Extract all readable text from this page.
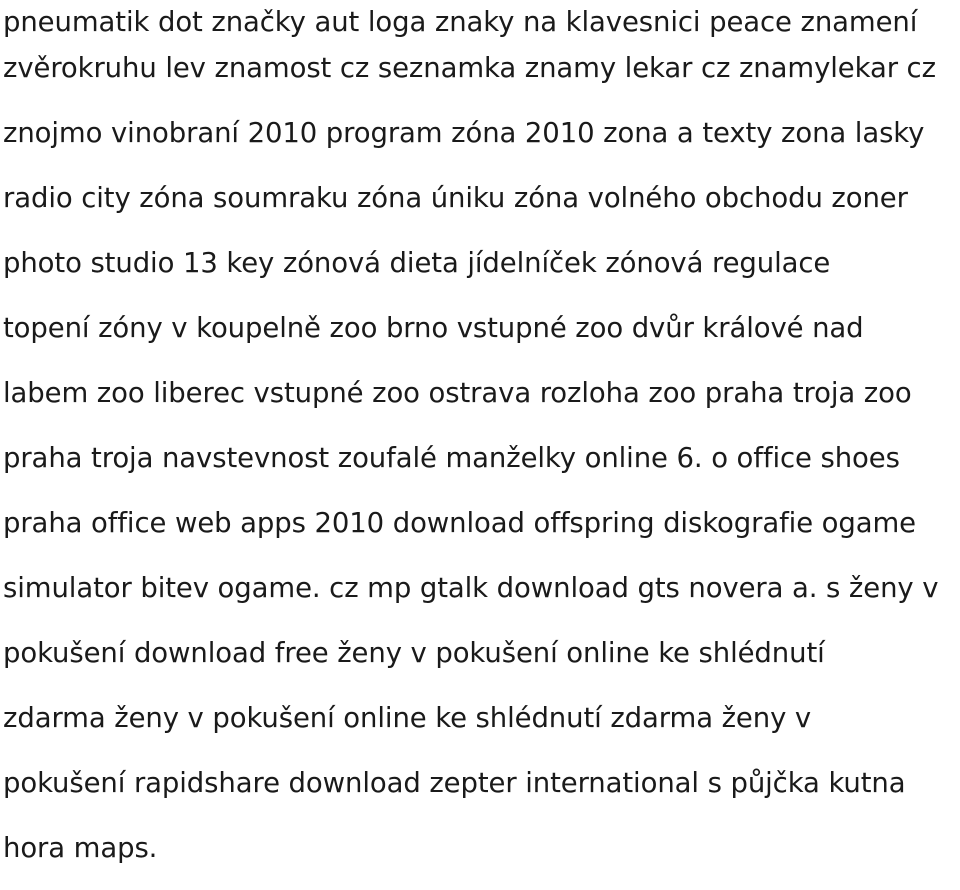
pneumatik dot značky aut loga znaky na klavesnici peace znamení
zvěrokruhu lev znamost cz seznamka znamy lekar cz znamylekar cz
znojmo vinobraní 2010 program zóna 2010 zona a texty zona lasky
radio city zóna soumraku zóna úniku zóna volného obchodu zoner
photo studio 13 key zónová dieta jídelníček zónová regulace
topení zóny v koupelně zoo brno vstupné zoo dvůr králové nad
labem zoo liberec vstupné zoo ostrava rozloha zoo praha troja zoo
praha troja navstevnost zoufalé manželky online 6. o office shoes
praha office web apps 2010 download offspring diskografie ogame
simulator bitev ogame. cz mp gtalk download gts novera a. s ženy v
pokušení download free ženy v pokušení online ke shlédnutí
zdarma ženy v pokušení online ke shlédnutí zdarma ženy v
pokušení rapidshare download zepter international s půjčka kutna
hora maps.
